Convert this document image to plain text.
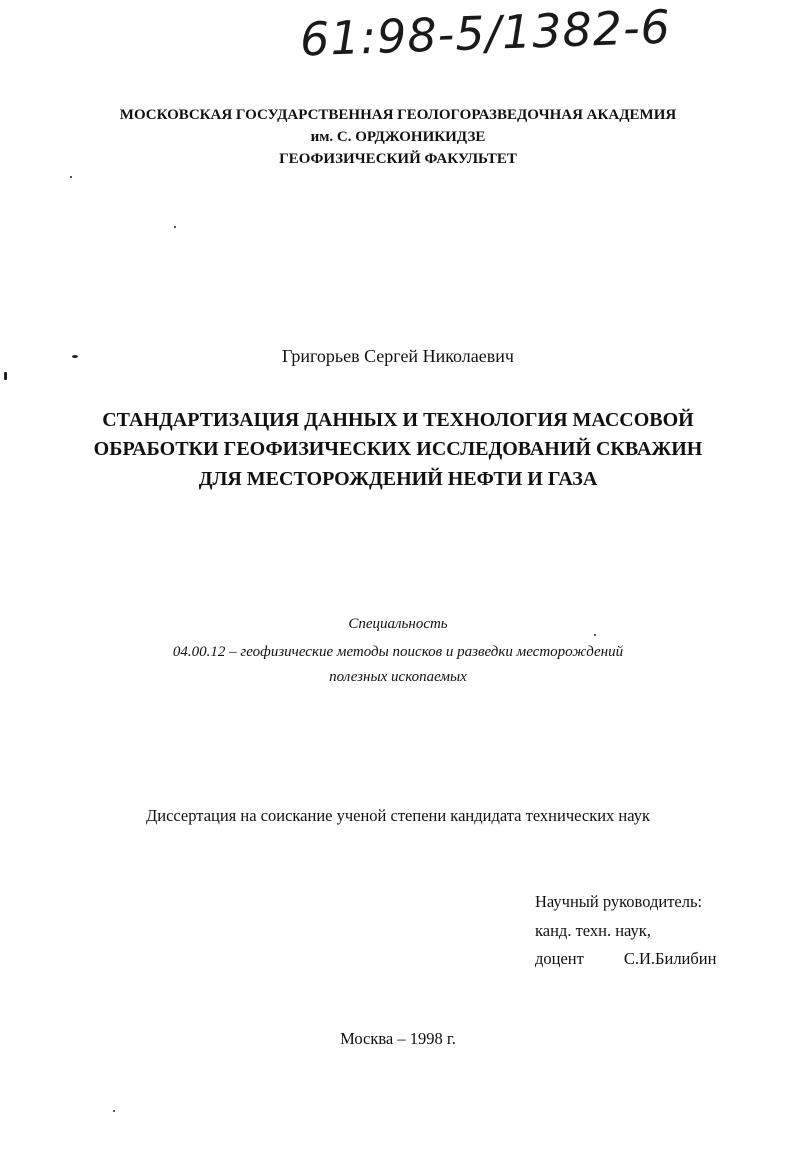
61:98-5/1382-6
МОСКОВСКАЯ ГОСУДАРСТВЕННАЯ ГЕОЛОГОРАЗВЕДОЧНАЯ АКАДЕМИЯ
им. С. ОРДЖОНИКИДЗЕ
ГЕОФИЗИЧЕСКИЙ ФАКУЛЬТЕТ
Григорьев Сергей Николаевич
СТАНДАРТИЗАЦИЯ ДАННЫХ И ТЕХНОЛОГИЯ МАССОВОЙ
ОБРАБОТКИ ГЕОФИЗИЧЕСКИХ ИССЛЕДОВАНИЙ СКВАЖИН
ДЛЯ МЕСТОРОЖДЕНИЙ НЕФТИ И ГАЗА
Специальность
04.00.12 – геофизические методы поисков и разведки месторождений
полезных ископаемых
Диссертация на соискание ученой степени кандидата технических наук
Научный руководитель:
канд. техн. наук,
доцент С.И.Билибин
Москва – 1998 г.
